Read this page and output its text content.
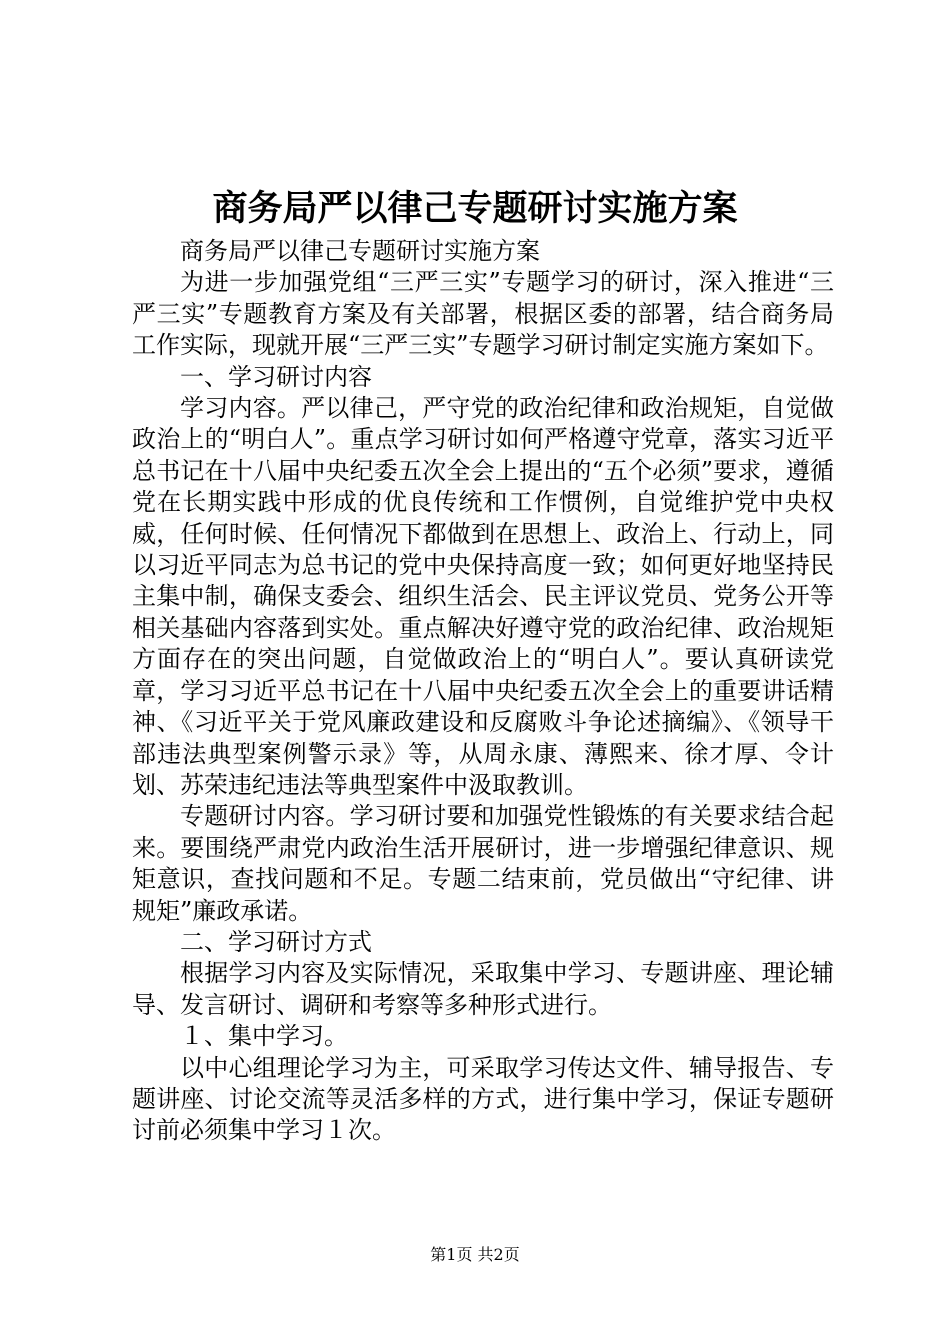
商务局严以律己专题研讨实施方案

商务局严以律己专题研讨实施方案

为进一步加强党组“三严三实”专题学习的研讨，深入推进“三严三实”专题教育方案及有关部署，根据区委的部署，结合商务局工作实际，现就开展“三严三实”专题学习研讨制定实施方案如下。

一、学习研讨内容

学习内容。严以律己，严守党的政治纪律和政治规矩，自觉做政治上的“明白人”。重点学习研讨如何严格遵守党章，落实习近平总书记在十八届中央纪委五次全会上提出的“五个必须”要求，遵循党在长期实践中形成的优良传统和工作惯例，自觉维护党中央权威，任何时候、任何情况下都做到在思想上、政治上、行动上，同以习近平同志为总书记的党中央保持高度一致；如何更好地坚持民主集中制，确保支委会、组织生活会、民主评议党员、党务公开等相关基础内容落到实处。重点解决好遵守党的政治纪律、政治规矩方面存在的突出问题，自觉做政治上的“明白人”。要认真研读党章，学习习近平总书记在十八届中央纪委五次全会上的重要讲话精神、《习近平关于党风廉政建设和反腐败斗争论述摘编》、《领导干部违法典型案例警示录》等，从周永康、薄熙来、徐才厚、令计划、苏荣违纪违法等典型案件中汲取教训。

专题研讨内容。学习研讨要和加强党性锻炼的有关要求结合起来。要围绕严肃党内政治生活开展研讨，进一步增强纪律意识、规矩意识，查找问题和不足。专题二结束前，党员做出“守纪律、讲规矩”廉政承诺。

二、学习研讨方式

根据学习内容及实际情况，采取集中学习、专题讲座、理论辅导、发言研讨、调研和考察等多种形式进行。

１、集中学习。

以中心组理论学习为主，可采取学习传达文件、辅导报告、专题讲座、讨论交流等灵活多样的方式，进行集中学习，保证专题研讨前必须集中学习１次。

第1页 共2页
